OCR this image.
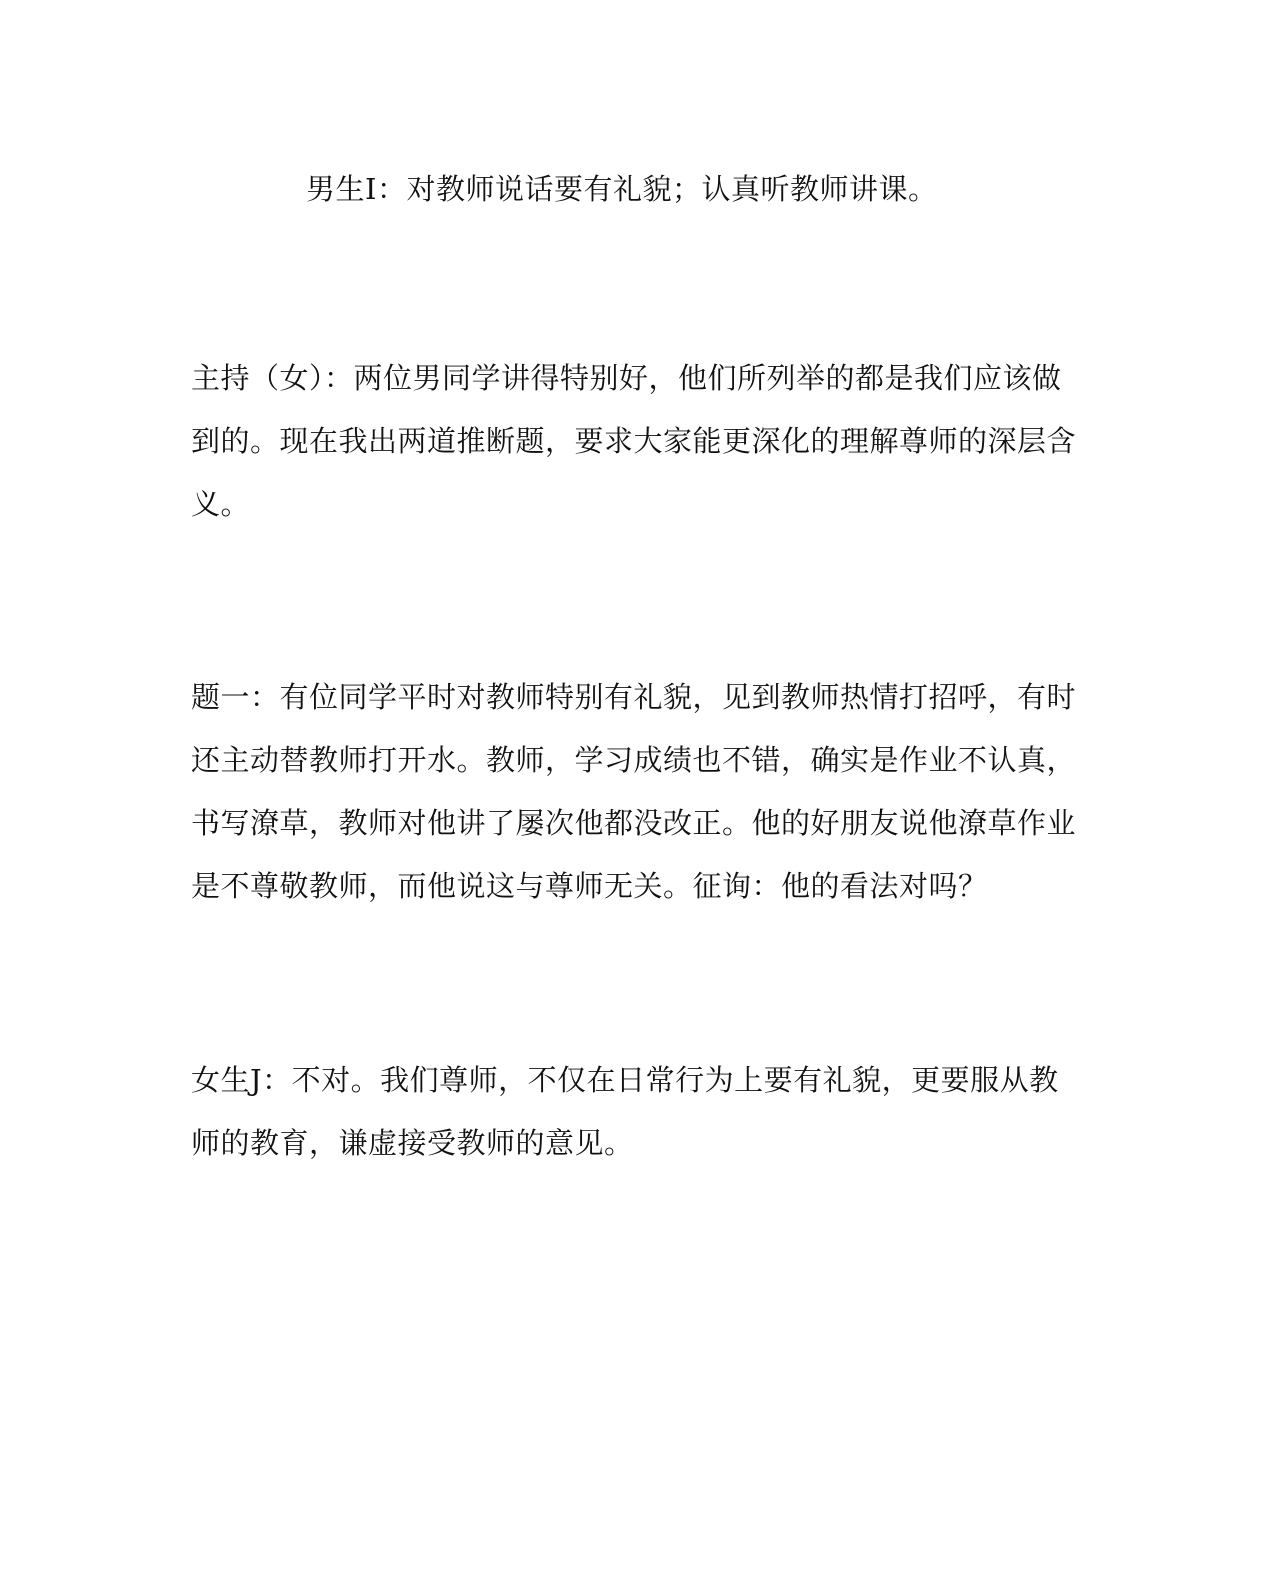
男生I：对教师说话要有礼貌；认真听教师讲课。

主持（女）：两位男同学讲得特别好，他们所列举的都是我们应该做
到的。现在我出两道推断题，要求大家能更深化的理解尊师的深层含
义。

题一：有位同学平时对教师特别有礼貌，见到教师热情打招呼，有时
还主动替教师打开水。教师，学习成绩也不错，确实是作业不认真，
书写潦草，教师对他讲了屡次他都没改正。他的好朋友说他潦草作业
是不尊敬教师，而他说这与尊师无关。征询：他的看法对吗？

女生J：不对。我们尊师，不仅在日常行为上要有礼貌，更要服从教
师的教育，谦虚接受教师的意见。
